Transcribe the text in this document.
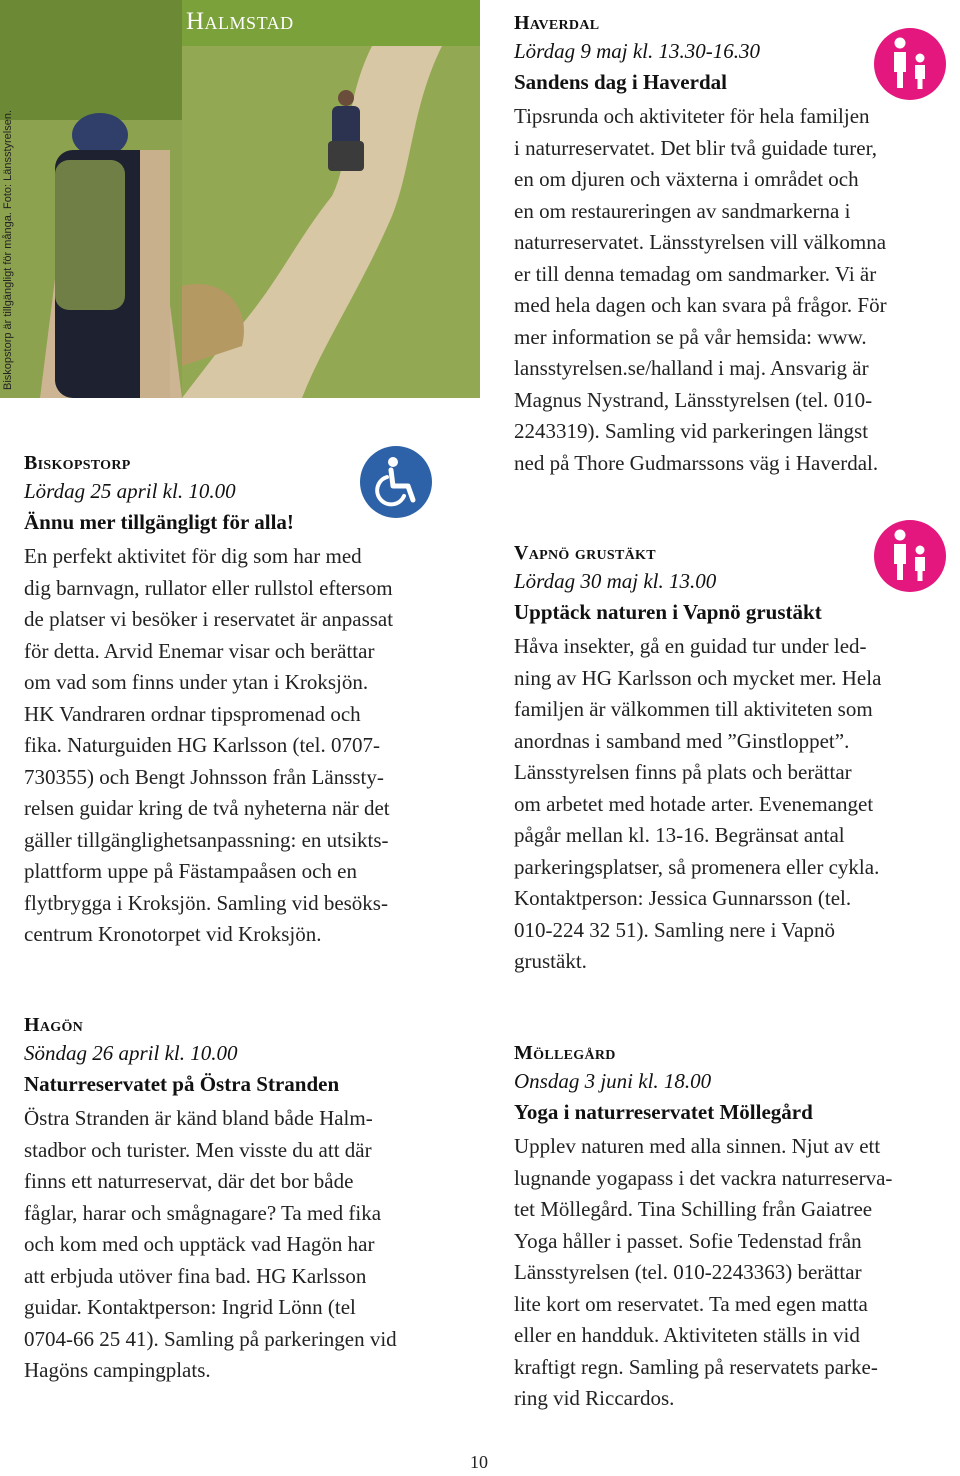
Biskopstorp är tillgängligt för många. Foto: Länsstyrelsen.
Halmstad
Biskopstorp
Lördag 25 april kl. 10.00
Ännu mer tillgängligt för alla!
En perfekt aktivitet för dig som har med
dig barnvagn, rullator eller rullstol eftersom
de platser vi besöker i reservatet är anpassat
för detta. Arvid Enemar visar och berättar
om vad som finns under ytan i Kroksjön.
HK Vandraren ordnar tipspromenad och
fika. Naturguiden HG Karlsson (tel. 0707-
730355) och Bengt Johnsson från Länssty-
relsen guidar kring de två nyheterna när det
gäller tillgänglighetsanpassning: en utsikts-
plattform uppe på Fästampaåsen och en
flytbrygga i Kroksjön. Samling vid besöks-
centrum Kronotorpet vid Kroksjön.
Hagön
Söndag 26 april kl. 10.00
Naturreservatet på Östra Stranden
Östra Stranden är känd bland både Halm-
stadbor och turister. Men visste du att där
finns ett naturreservat, där det bor både
fåglar, harar och smågnagare? Ta med fika
och kom med och upptäck vad Hagön har
att erbjuda utöver fina bad. HG Karlsson
guidar. Kontaktperson: Ingrid Lönn (tel
0704-66 25 41). Samling på parkeringen vid
Hagöns campingplats.
Haverdal
Lördag 9 maj kl. 13.30-16.30
Sandens dag i Haverdal
Tipsrunda och aktiviteter för hela familjen
i naturreservatet. Det blir två guidade turer,
en om djuren och växterna i området och
en om restaureringen av sandmarkerna i
naturreservatet. Länsstyrelsen vill välkomna
er till denna temadag om sandmarker. Vi är
med hela dagen och kan svara på frågor. För
mer information se på vår hemsida: www.
lansstyrelsen.se/halland i maj. Ansvarig är
Magnus Nystrand, Länsstyrelsen (tel. 010-
2243319). Samling vid parkeringen längst
ned på Thore Gudmarssons väg i Haverdal.
Vapnö grustäkt
Lördag 30 maj kl. 13.00
Upptäck naturen i Vapnö grustäkt
Håva insekter, gå en guidad tur under led-
ning av HG Karlsson och mycket mer. Hela
familjen är välkommen till aktiviteten som
anordnas i samband med ”Ginstloppet”.
Länsstyrelsen finns på plats och berättar
om arbetet med hotade arter. Evenemanget
pågår mellan kl. 13-16. Begränsat antal
parkeringsplatser, så promenera eller cykla.
Kontaktperson: Jessica Gunnarsson (tel.
010-224 32 51). Samling nere i Vapnö
grustäkt.
Möllegård
Onsdag 3 juni kl. 18.00
Yoga i naturreservatet Möllegård
Upplev naturen med alla sinnen. Njut av ett
lugnande yogapass i det vackra naturreserva-
tet Möllegård. Tina Schilling från Gaiatree
Yoga håller i passet. Sofie Tedenstad från
Länsstyrelsen (tel. 010-2243363) berättar
lite kort om reservatet. Ta med egen matta
eller en handduk. Aktiviteten ställs in vid
kraftigt regn. Samling på reservatets parke-
ring vid Riccardos.
10
